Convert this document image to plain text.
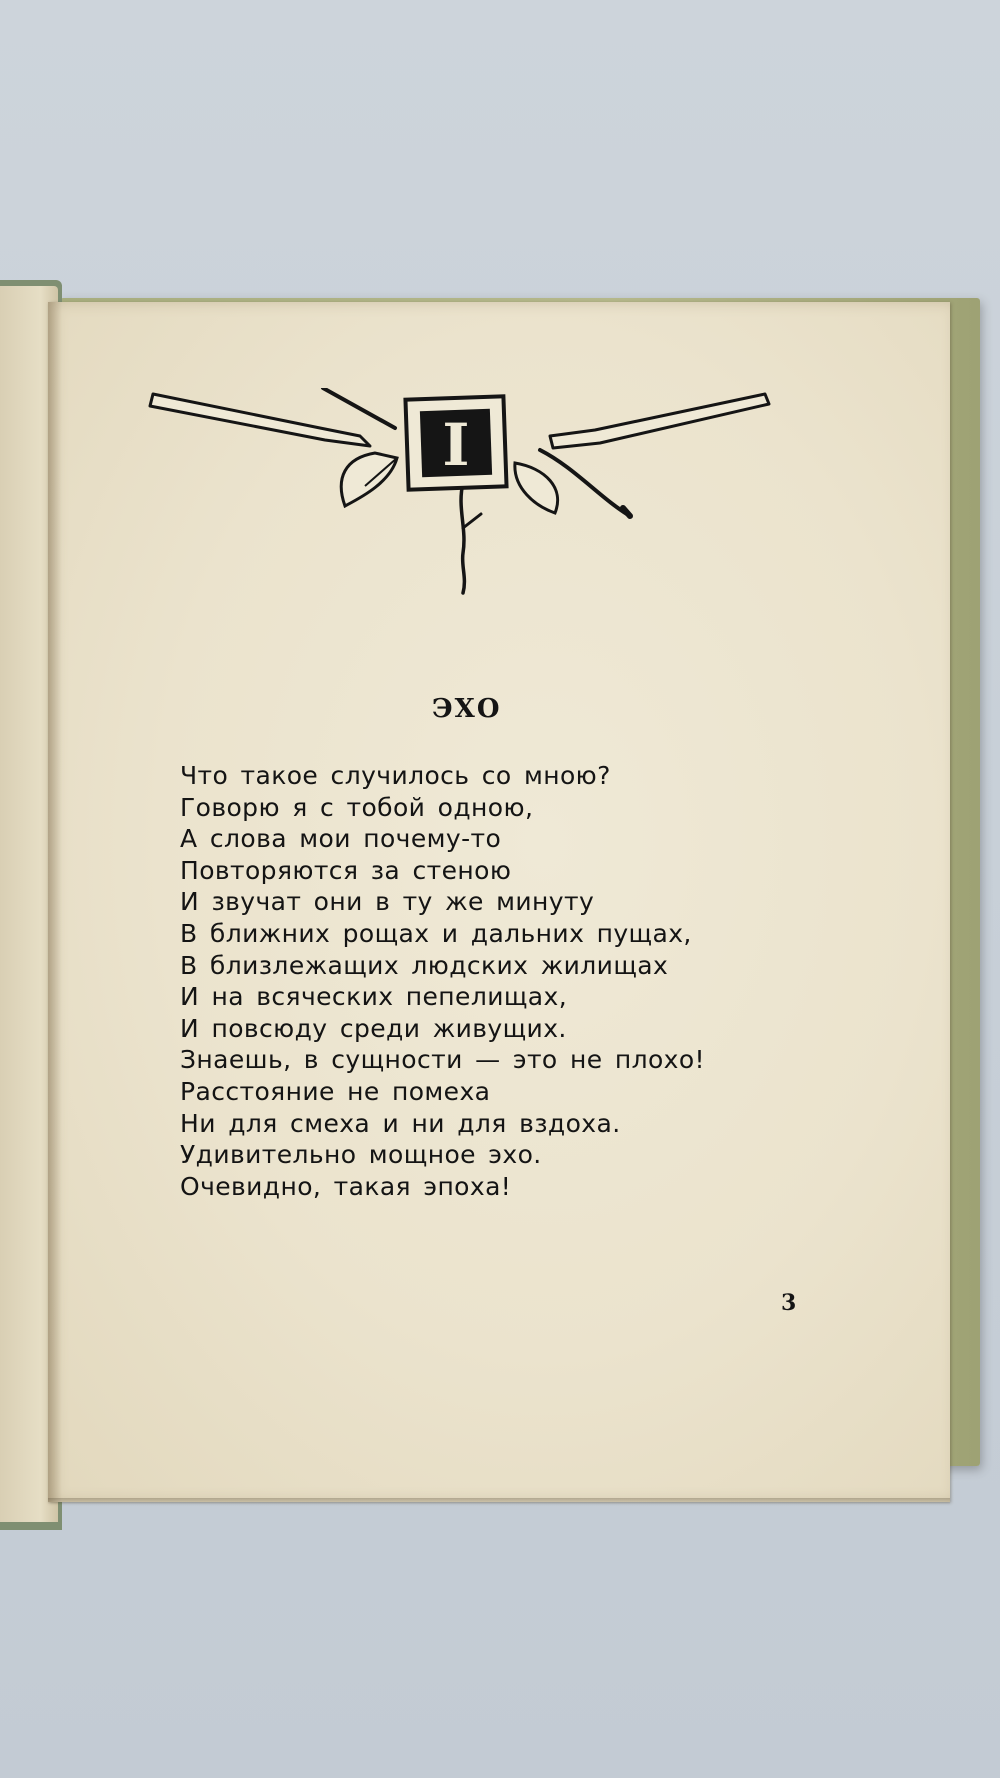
I
ЭХО
Что такое случилось со мною?
Говорю я с тобой одною,
А слова мои почему-то
Повторяются за стеною
И звучат они в ту же минуту
В ближних рощах и дальних пущах,
В близлежащих людских жилищах
И на всяческих пепелищах,
И повсюду среди живущих.
Знаешь, в сущности — это не плохо!
Расстояние не помеха
Ни для смеха и ни для вздоха.
Удивительно мощное эхо.
Очевидно, такая эпоха!
3
